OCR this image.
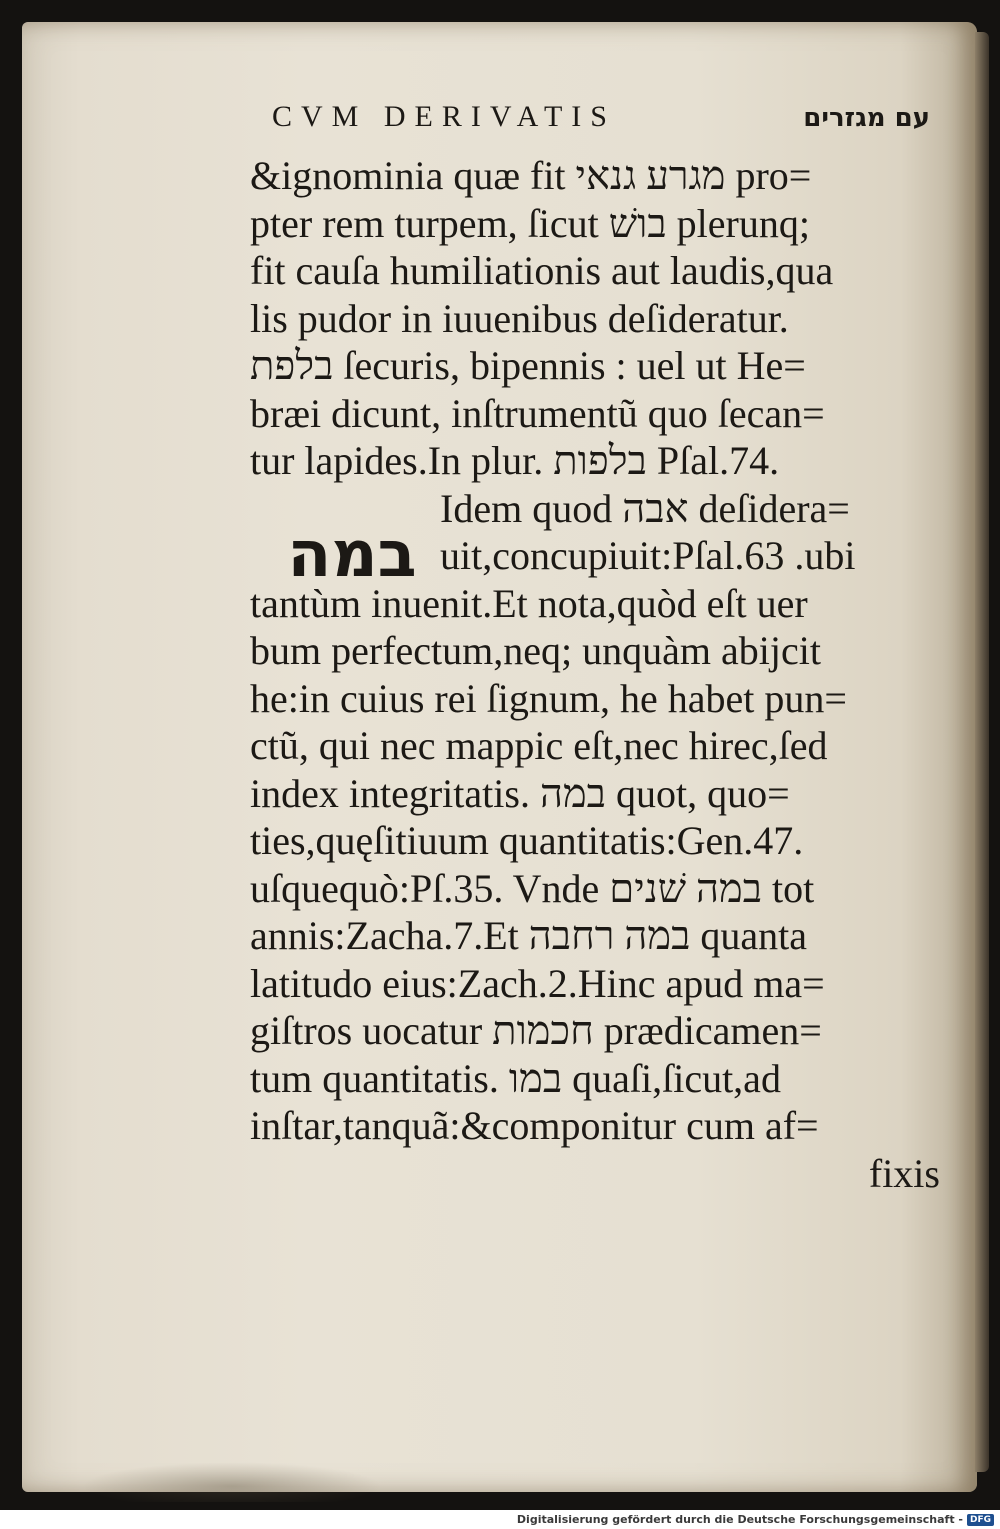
במה
CVM DERIVATIS	עם מגזרים
&ignominia quæ fit מגרע גנאי pro=
pter rem turpem, ſicut בושׁ plerunq;
fit cauſa humiliationis aut laudis,qua
lis pudor in iuuenibus deſideratur.
בלפת ſecuris, bipennis : uel ut He=
bræi dicunt, inſtrumentũ quo ſecan=
tur lapides.In plur. בלפות Pſal.74.
Idem quod אבה deſidera=
uit,concupiuit:Pſal.63 .ubi
tantùm inuenit.Et nota,quòd eſt uer
bum perfectum,neq; unquàm abijcit
he:in cuius rei ſignum, he habet pun=
ctũ, qui nec mappic eſt,nec hirec,ſed
index integritatis. במה quot, quo=
ties,quęſitiuum quantitatis:Gen.47.
uſquequò:Pſ.35. Vnde במה שׁנים tot
annis:Zacha.7.Et במה רחבה quanta
latitudo eius:Zach.2.Hinc apud ma=
giſtros uocatur חכמות prædicamen=
tum quantitatis. במו quaſi,ſicut,ad
inſtar,tanquã:&componitur cum af=
fixis
Digitalisierung gefördert durch die Deutsche Forschungsgemeinschaft - DFG
